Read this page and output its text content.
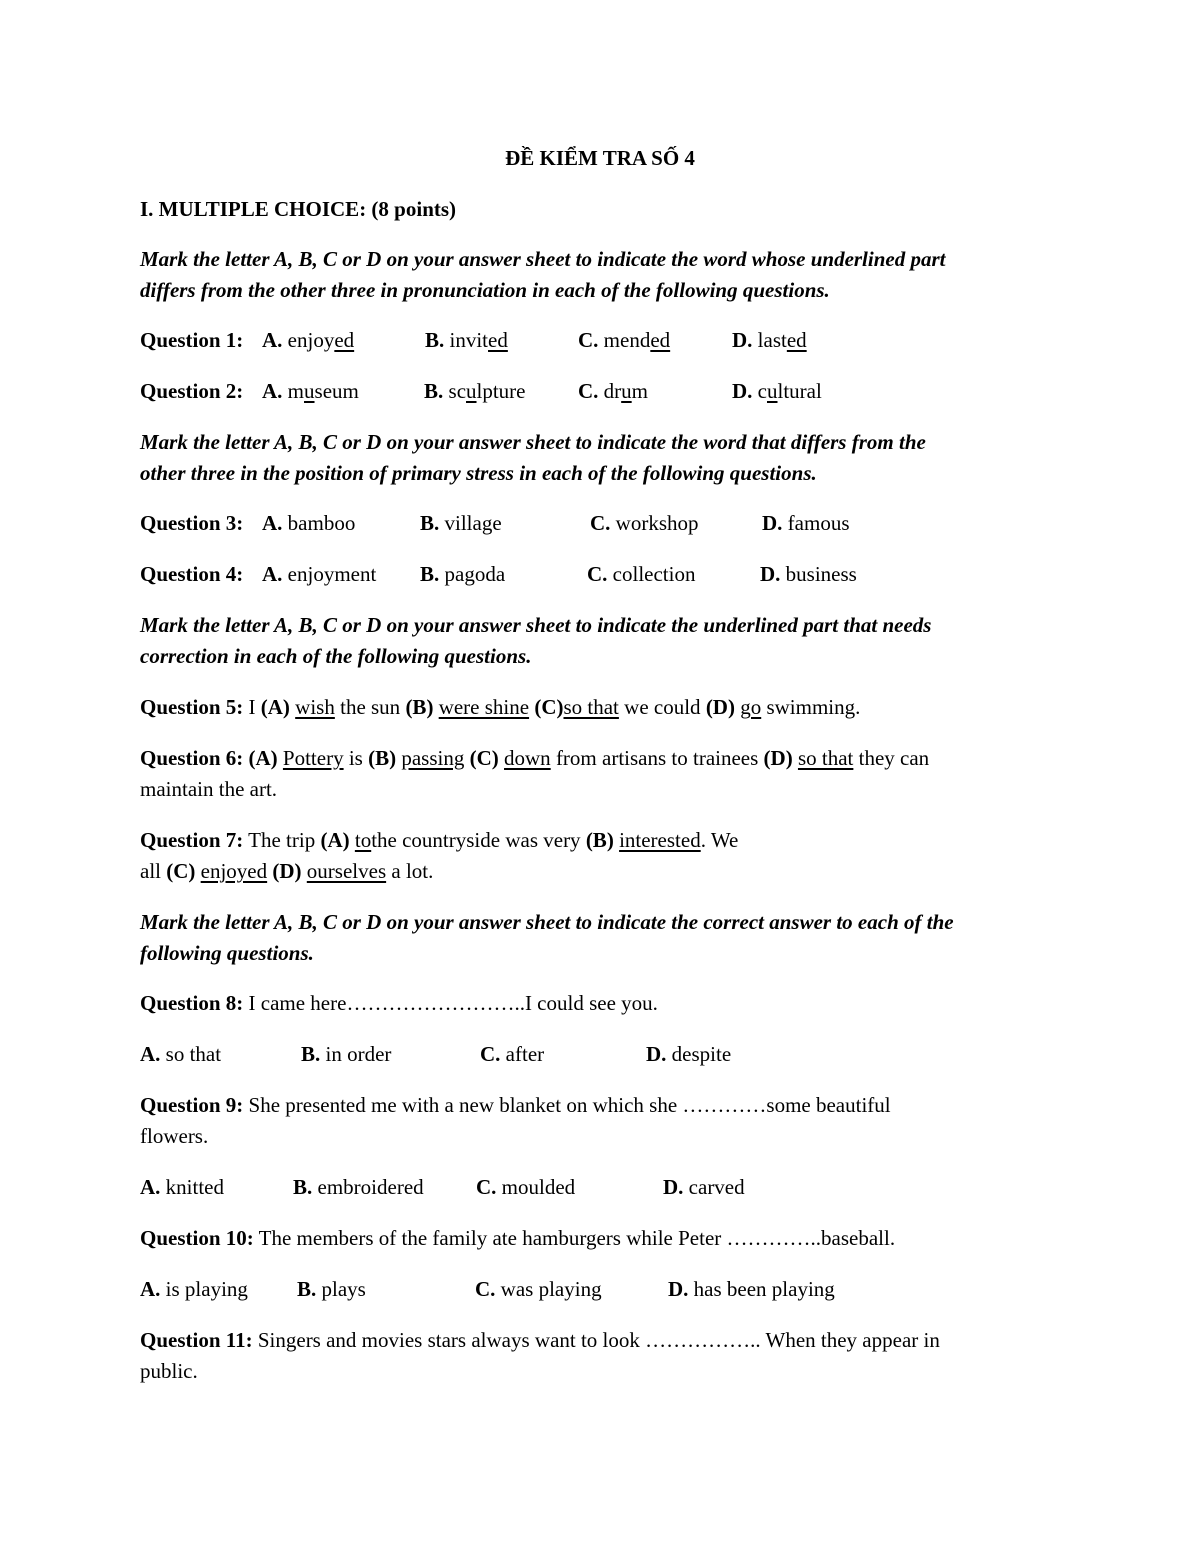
ĐỀ KIỂM TRA SỐ 4
I. MULTIPLE CHOICE: (8 points)
Mark the letter A, B, C or D on your answer sheet to indicate the word whose underlined part
differs from the other three in pronunciation in each of the following questions.
Question 1: A. enjoyed	B. invited	C. mended	D. lasted
Question 2: A. museum	B. sculpture	C. drum	D. cultural
Mark the letter A, B, C or D on your answer sheet to indicate the word that differs from the
other three in the position of primary stress in each of the following questions.
Question 3: A. bamboo	B. village	C. workshop	D. famous
Question 4: A. enjoyment B. pagoda	C. collection	D. business
Mark the letter A, B, C or D on your answer sheet to indicate the underlined part that needs
correction in each of the following questions.
Question 5: I (A) wish the sun (B) were shine (C)so that we could (D) go swimming.
Question 6: (A) Pottery is (B) passing (C) down from artisans to trainees (D) so that they can
maintain the art.
Question 7: The trip (A) tothe countryside was very (B) interested. We
all (C) enjoyed (D) ourselves a lot.
Mark the letter A, B, C or D on your answer sheet to indicate the correct answer to each of the
following questions.
Question 8: I came here……………………..I could see you.
A. so that	B. in order	C. after	D. despite
Question 9: She presented me with a new blanket on which she …………some beautiful
flowers.
A. knitted	B. embroidered C. moulded	D. carved
Question 10: The members of the family ate hamburgers while Peter …………..baseball.
A. is playing B. plays	C. was playing	D. has been playing
Question 11: Singers and movies stars always want to look …………….. When they appear in
public.
